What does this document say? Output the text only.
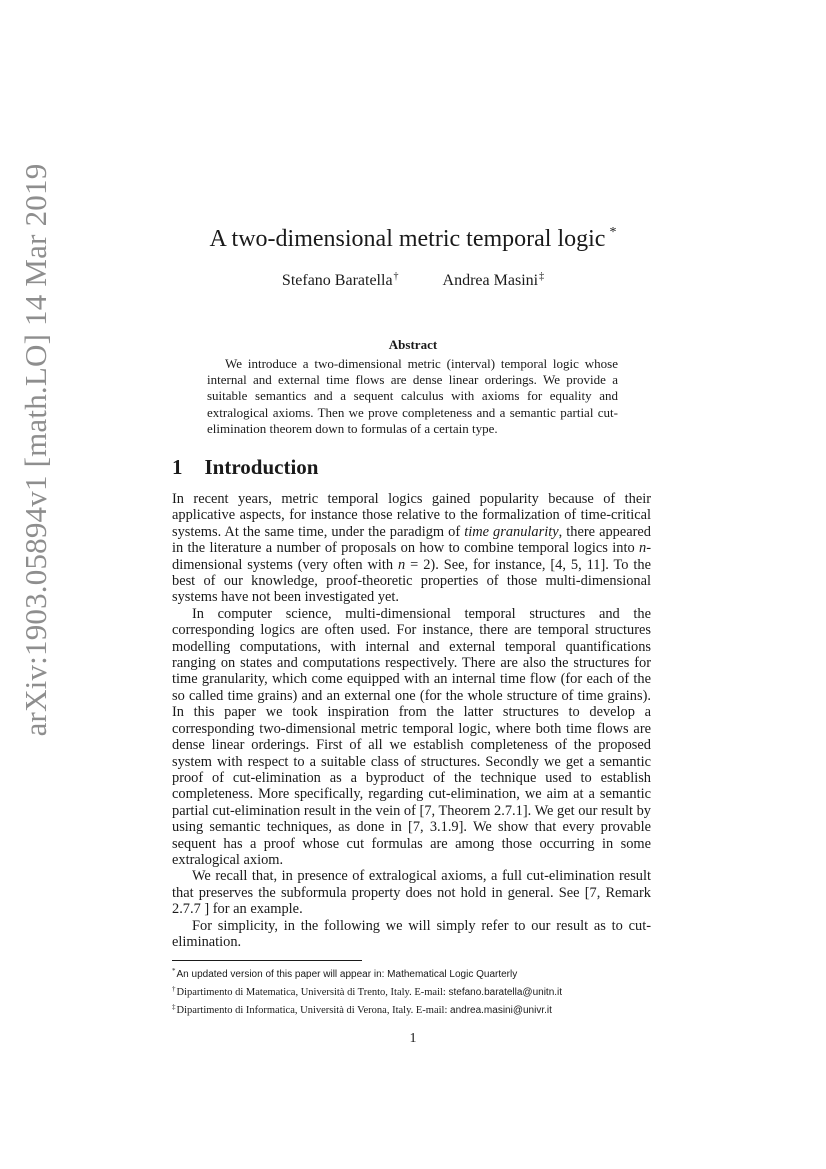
arXiv:1903.05894v1 [math.LO] 14 Mar 2019	A two-dimensional metric temporal logic *
Stefano Baratella†	Andrea Masini‡
Abstract
We introduce a two-dimensional metric (interval) temporal logic whose internal and external time flows are dense linear orderings. We provide a suitable semantics and a sequent calculus with axioms for equality and extralogical axioms. Then we prove completeness and a semantic partial cut-elimination theorem down to formulas of a certain type.
1 Introduction

In recent years, metric temporal logics gained popularity because of their applicative aspects, for instance those relative to the formalization of time-critical systems. At the same time, under the paradigm of time granularity, there appeared in the literature a number of proposals on how to combine temporal logics into n-dimensional systems (very often with n = 2). See, for instance, [4, 5, 11]. To the best of our knowledge, proof-theoretic properties of those multi-dimensional systems have not been investigated yet.

In computer science, multi-dimensional temporal structures and the corresponding logics are often used. For instance, there are temporal structures modelling computations, with internal and external temporal quantifications ranging on states and computations respectively. There are also the structures for time granularity, which come equipped with an internal time flow (for each of the so called time grains) and an external one (for the whole structure of time grains). In this paper we took inspiration from the latter structures to develop a corresponding two-dimensional metric temporal logic, where both time flows are dense linear orderings. First of all we establish completeness of the proposed system with respect to a suitable class of structures. Secondly we get a semantic proof of cut-elimination as a byproduct of the technique used to establish completeness. More specifically, regarding cut-elimination, we aim at a semantic partial cut-elimination result in the vein of [7, Theorem 2.7.1]. We get our result by using semantic techniques, as done in [7, 3.1.9]. We show that every provable sequent has a proof whose cut formulas are among those occurring in some extralogical axiom.

We recall that, in presence of extralogical axioms, a full cut-elimination result that preserves the subformula property does not hold in general. See [7, Remark 2.7.7 ] for an example.

For simplicity, in the following we will simply refer to our result as to cut-elimination.

*An updated version of this paper will appear in: Mathematical Logic Quarterly
†Dipartimento di Matematica, Università di Trento, Italy. E-mail: stefano.baratella@unitn.it
‡Dipartimento di Informatica, Università di Verona, Italy. E-mail: andrea.masini@univr.it
1
